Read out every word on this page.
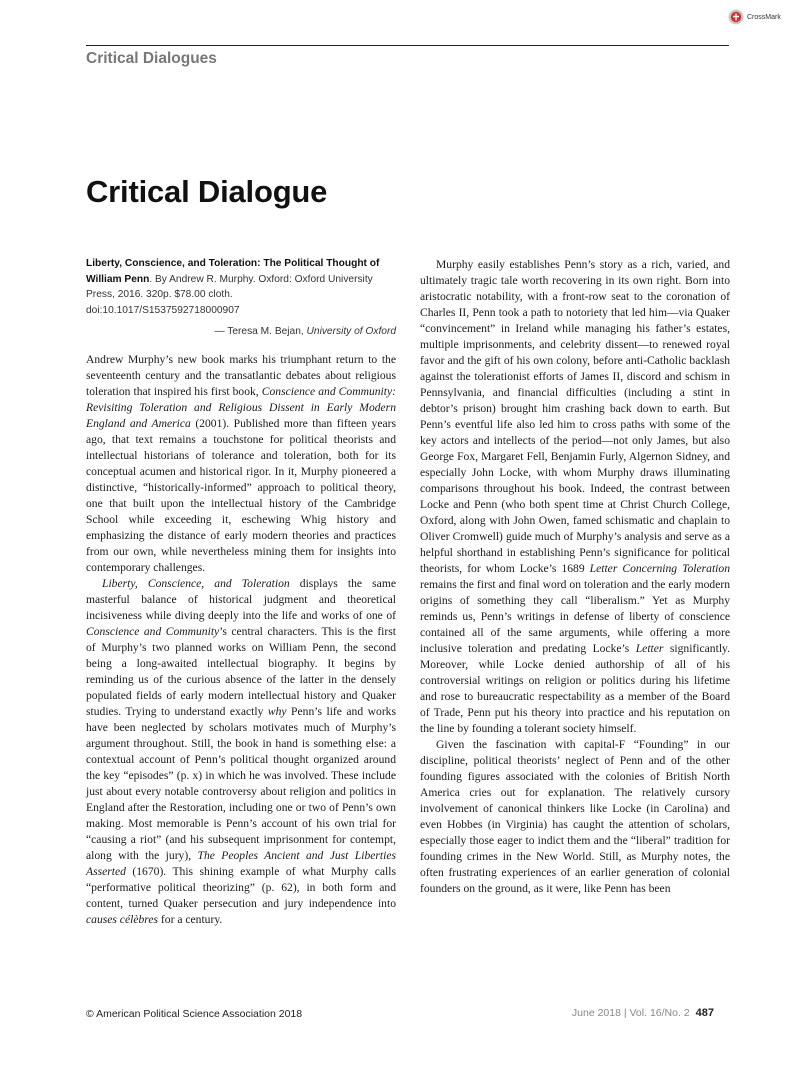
CrossMark
Critical Dialogues
Critical Dialogue
Liberty, Conscience, and Toleration: The Political Thought of William Penn. By Andrew R. Murphy. Oxford: Oxford University Press, 2016. 320p. $78.00 cloth.
doi:10.1017/S1537592718000907
— Teresa M. Bejan, University of Oxford

Andrew Murphy’s new book marks his triumphant return to the seventeenth century and the transatlantic debates about religious toleration that inspired his first book, Conscience and Community: Revisiting Toleration and Religious Dissent in Early Modern England and America (2001). Published more than fifteen years ago, that text remains a touchstone for political theorists and intellectual historians of tolerance and toleration, both for its conceptual acumen and historical rigor. In it, Murphy pioneered a distinctive, “historically-informed” approach to political theory, one that built upon the intellectual history of the Cambridge School while exceeding it, eschewing Whig history and emphasizing the distance of early modern theories and practices from our own, while nevertheless mining them for insights into contemporary challenges.

Liberty, Conscience, and Toleration displays the same masterful balance of historical judgment and theoretical incisiveness while diving deeply into the life and works of one of Conscience and Community’s central characters. This is the first of Murphy’s two planned works on William Penn, the second being a long-awaited intellectual biography. It begins by reminding us of the curious absence of the latter in the densely populated fields of early modern intellectual history and Quaker studies. Trying to understand exactly why Penn’s life and works have been neglected by scholars motivates much of Murphy’s argument throughout. Still, the book in hand is something else: a contextual account of Penn’s political thought organized around the key “episodes” (p. x) in which he was involved. These include just about every notable controversy about religion and politics in England after the Restoration, including one or two of Penn’s own making. Most memorable is Penn’s account of his own trial for “causing a riot” (and his subsequent imprisonment for contempt, along with the jury), The Peoples Ancient and Just Liberties Asserted (1670). This shining example of what Murphy calls “performative political theorizing” (p. 62), in both form and content, turned Quaker persecution and jury independence into causes célèbres for a century.

Murphy easily establishes Penn’s story as a rich, varied, and ultimately tragic tale worth recovering in its own right. Born into aristocratic notability, with a front-row seat to the coronation of Charles II, Penn took a path to notoriety that led him—via Quaker “convincement” in Ireland while managing his father’s estates, multiple imprisonments, and celebrity dissent—to renewed royal favor and the gift of his own colony, before anti-Catholic backlash against the tolerationist efforts of James II, discord and schism in Pennsylvania, and financial difficulties (including a stint in debtor’s prison) brought him crashing back down to earth. But Penn’s eventful life also led him to cross paths with some of the key actors and intellects of the period—not only James, but also George Fox, Margaret Fell, Benjamin Furly, Algernon Sidney, and especially John Locke, with whom Murphy draws illuminating comparisons throughout his book. Indeed, the contrast between Locke and Penn (who both spent time at Christ Church College, Oxford, along with John Owen, famed schismatic and chaplain to Oliver Cromwell) guide much of Murphy’s analysis and serve as a helpful shorthand in establishing Penn’s significance for political theorists, for whom Locke’s 1689 Letter Concerning Toleration remains the first and final word on toleration and the early modern origins of something they call “liberalism.” Yet as Murphy reminds us, Penn’s writings in defense of liberty of conscience contained all of the same arguments, while offering a more inclusive toleration and predating Locke’s Letter significantly. Moreover, while Locke denied authorship of all of his controversial writings on religion or politics during his lifetime and rose to bureaucratic respectability as a member of the Board of Trade, Penn put his theory into practice and his reputation on the line by founding a tolerant society himself.

Given the fascination with capital-F “Founding” in our discipline, political theorists’ neglect of Penn and of the other founding figures associated with the colonies of British North America cries out for explanation. The relatively cursory involvement of canonical thinkers like Locke (in Carolina) and even Hobbes (in Virginia) has caught the attention of scholars, especially those eager to indict them and the “liberal” tradition for founding crimes in the New World. Still, as Murphy notes, the often frustrating experiences of an earlier generation of colonial founders on the ground, as it were, like Penn has been

© American Political Science Association 2018	June 2018 | Vol. 16/No. 2 487
